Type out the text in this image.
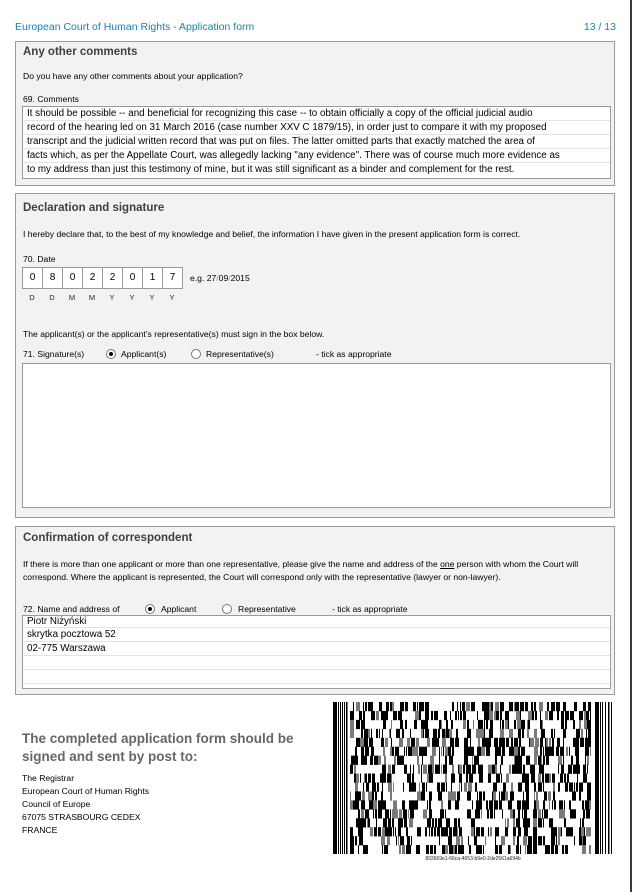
European Court of Human Rights - Application form	13 / 13
Any other comments
Do you have any other comments about your application?
69. Comments
It should be possible -- and beneficial for recognizing this case -- to obtain officially a copy of the official judicial audio
record of the hearing led on 31 March 2016 (case number XXV C 1879/15), in order just to compare it with my proposed
transcript and the judicial written record that was put on files. The latter omitted parts that exactly matched the area of
facts which, as per the Appellate Court, was allegedly lacking "any evidence". There was of course much more evidence as
to my address than just this testimony of mine, but it was still significant as a binder and complement for the rest.
Declaration and signature
I hereby declare that, to the best of my knowledge and belief, the information I have given in the present application form is correct.
70. Date
0	8	0	2	2	0	1	7	e.g. 27/09/2015
D	D	M	M	Y	Y	Y	Y
The applicant(s) or the applicant’s representative(s) must sign in the box below.
71. Signature(s)	Applicant(s)	Representative(s)	- tick as appropriate
Confirmation of correspondent
If there is more than one applicant or more than one representative, please give the name and address of the one person with whom the Court will correspond. Where the applicant is represented, the Court will correspond only with the representative (lawyer or non-lawyer).
72. Name and address of	Applicant	Representative	- tick as appropriate
Piotr Niżyński
skrytka pocztowa 52
02-775 Warszawa
The completed application form should be signed and sent by post to:
The Registrar
European Court of Human Rights
Council of Europe
67075 STRASBOURG CEDEX
FRANCE
893669e1-66ca-4653-b9e0-2de2561a694b
